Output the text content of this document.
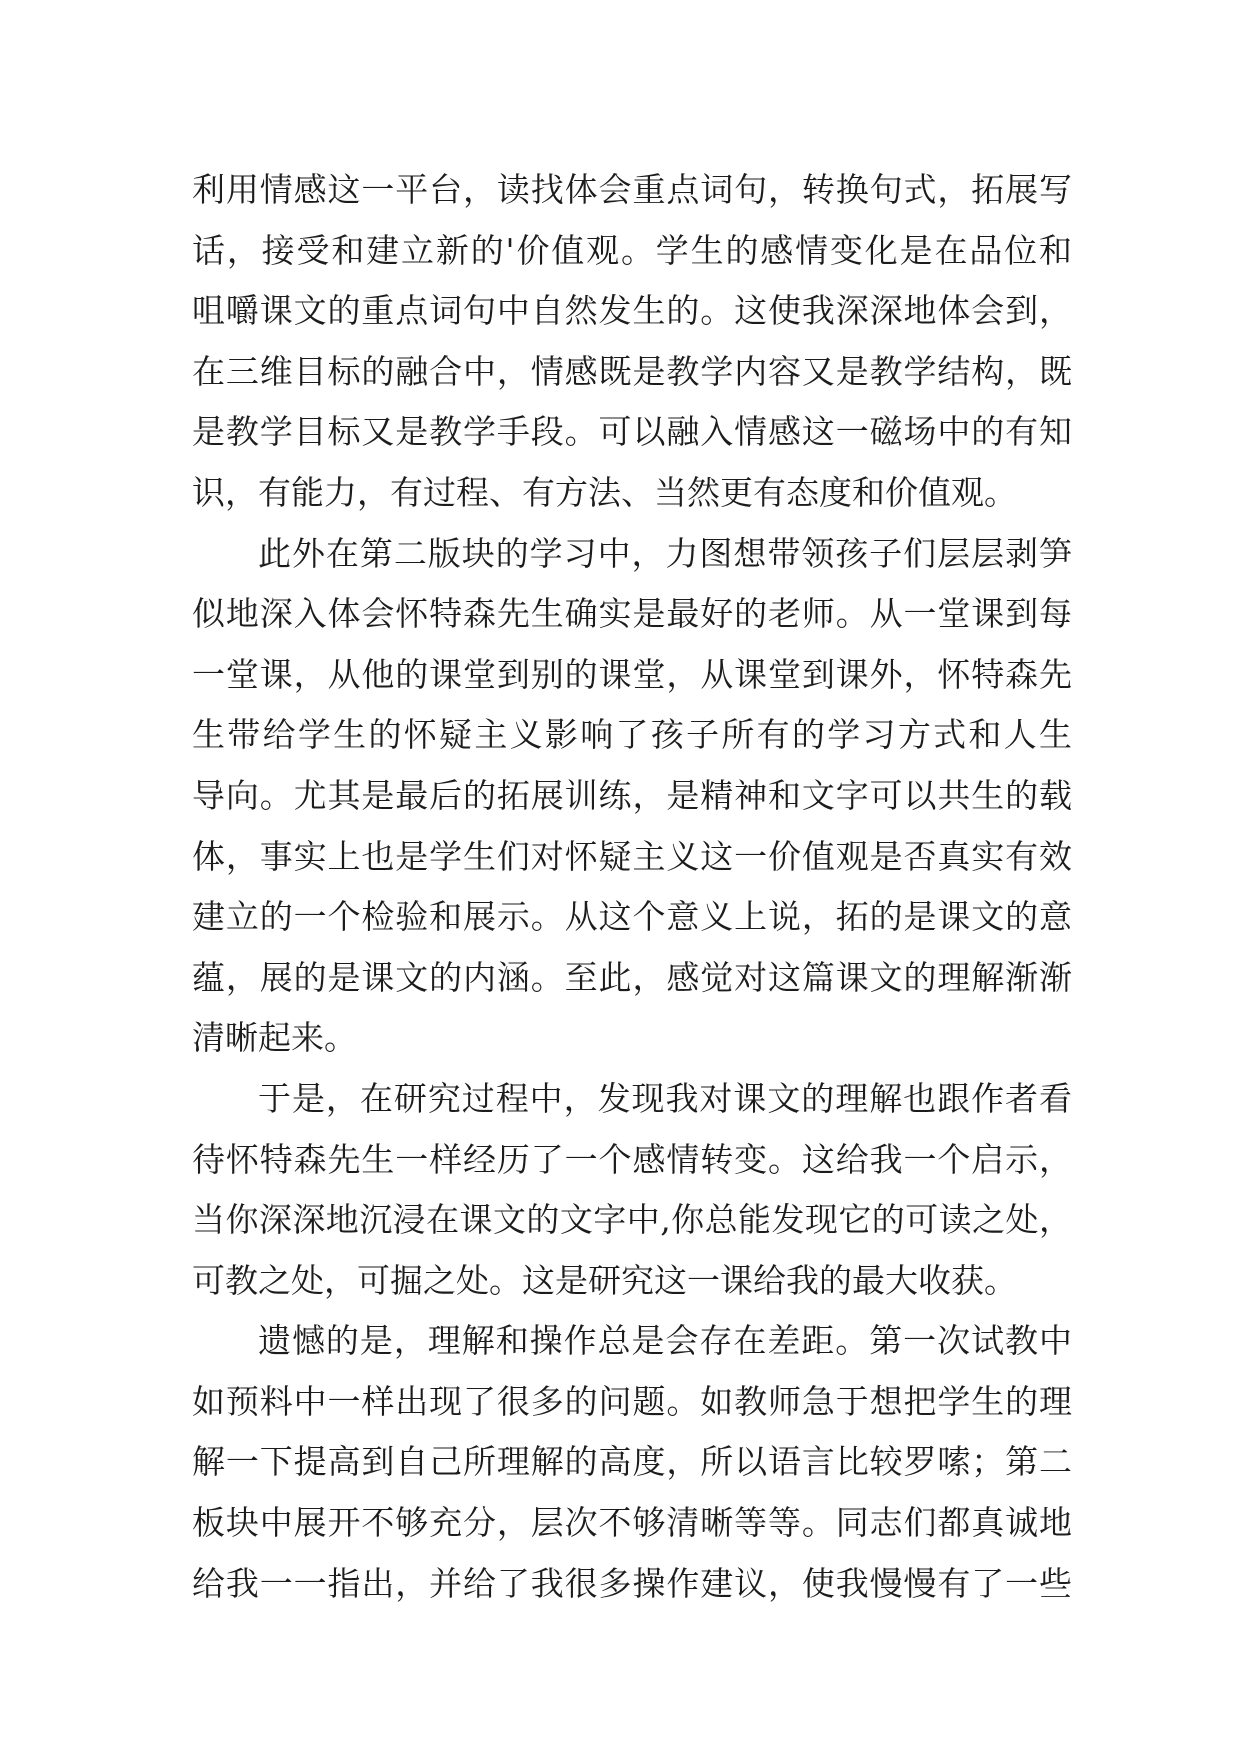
利用情感这一平台，读找体会重点词句，转换句式，拓展写
话，接受和建立新的'价值观。学生的感情变化是在品位和
咀嚼课文的重点词句中自然发生的。这使我深深地体会到，
在三维目标的融合中，情感既是教学内容又是教学结构，既
是教学目标又是教学手段。可以融入情感这一磁场中的有知
识，有能力，有过程、有方法、当然更有态度和价值观。
此外在第二版块的学习中，力图想带领孩子们层层剥笋
似地深入体会怀特森先生确实是最好的老师。从一堂课到每
一堂课，从他的课堂到别的课堂，从课堂到课外，怀特森先
生带给学生的怀疑主义影响了孩子所有的学习方式和人生
导向。尤其是最后的拓展训练，是精神和文字可以共生的载
体，事实上也是学生们对怀疑主义这一价值观是否真实有效
建立的一个检验和展示。从这个意义上说，拓的是课文的意
蕴，展的是课文的内涵。至此，感觉对这篇课文的理解渐渐
清晰起来。
于是，在研究过程中，发现我对课文的理解也跟作者看
待怀特森先生一样经历了一个感情转变。这给我一个启示，
当你深深地沉浸在课文的文字中,你总能发现它的可读之处，
可教之处，可掘之处。这是研究这一课给我的最大收获。
遗憾的是，理解和操作总是会存在差距。第一次试教中
如预料中一样出现了很多的问题。如教师急于想把学生的理
解一下提高到自己所理解的高度，所以语言比较罗嗦；第二
板块中展开不够充分，层次不够清晰等等。同志们都真诚地
给我一一指出，并给了我很多操作建议，使我慢慢有了一些
